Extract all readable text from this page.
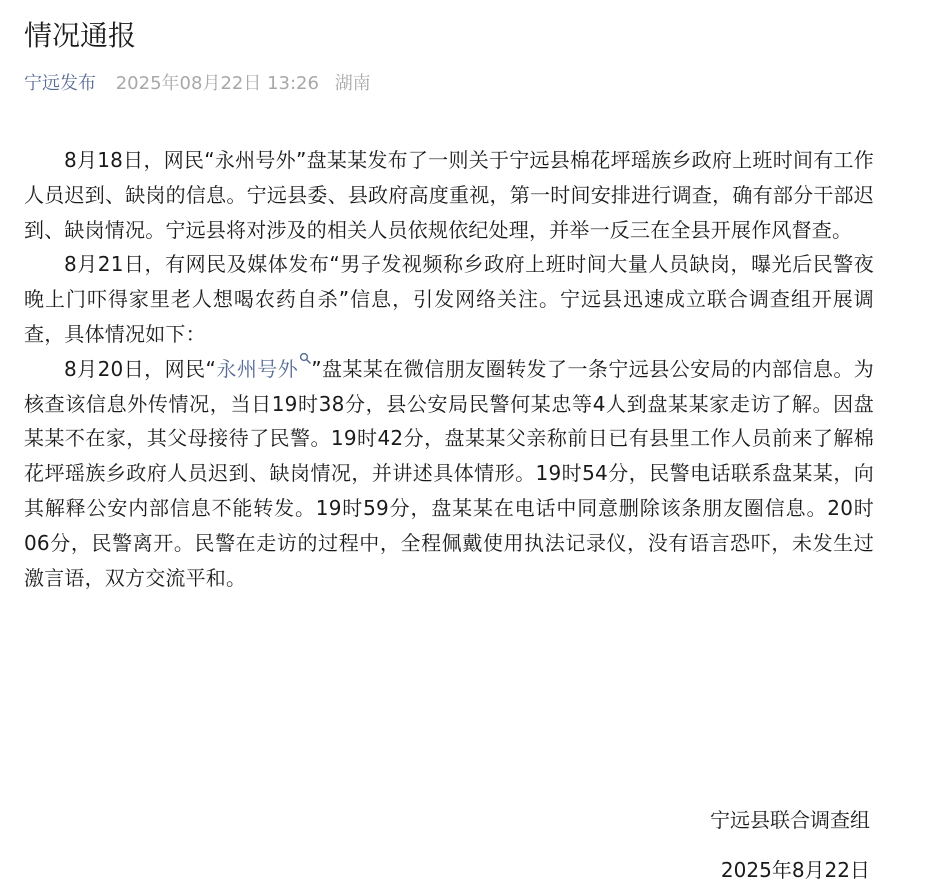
情况通报
宁远发布 2025年08月22日 13:26 湖南

8月18日，网民“永州号外”盘某某发布了一则关于宁远县棉花坪瑶族乡政府上班时间有工作人员迟到、缺岗的信息。宁远县委、县政府高度重视，第一时间安排进行调查，确有部分干部迟到、缺岗情况。宁远县将对涉及的相关人员依规依纪处理，并举一反三在全县开展作风督查。

8月21日，有网民及媒体发布“男子发视频称乡政府上班时间大量人员缺岗，曝光后民警夜晚上门吓得家里老人想喝农药自杀”信息，引发网络关注。宁远县迅速成立联合调查组开展调查，具体情况如下：

8月20日，网民“永州号外 ”盘某某在微信朋友圈转发了一条宁远县公安局的内部信息。为核查该信息外传情况，当日19时38分，县公安局民警何某忠等4人到盘某某家走访了解。因盘某某不在家，其父母接待了民警。19时42分，盘某某父亲称前日已有县里工作人员前来了解棉花坪瑶族乡政府人员迟到、缺岗情况，并讲述具体情形。19时54分，民警电话联系盘某某，向其解释公安内部信息不能转发。19时59分，盘某某在电话中同意删除该条朋友圈信息。20时06分，民警离开。民警在走访的过程中，全程佩戴使用执法记录仪，没有语言恐吓，未发生过激言语，双方交流平和。

宁远县联合调查组
2025年8月22日
